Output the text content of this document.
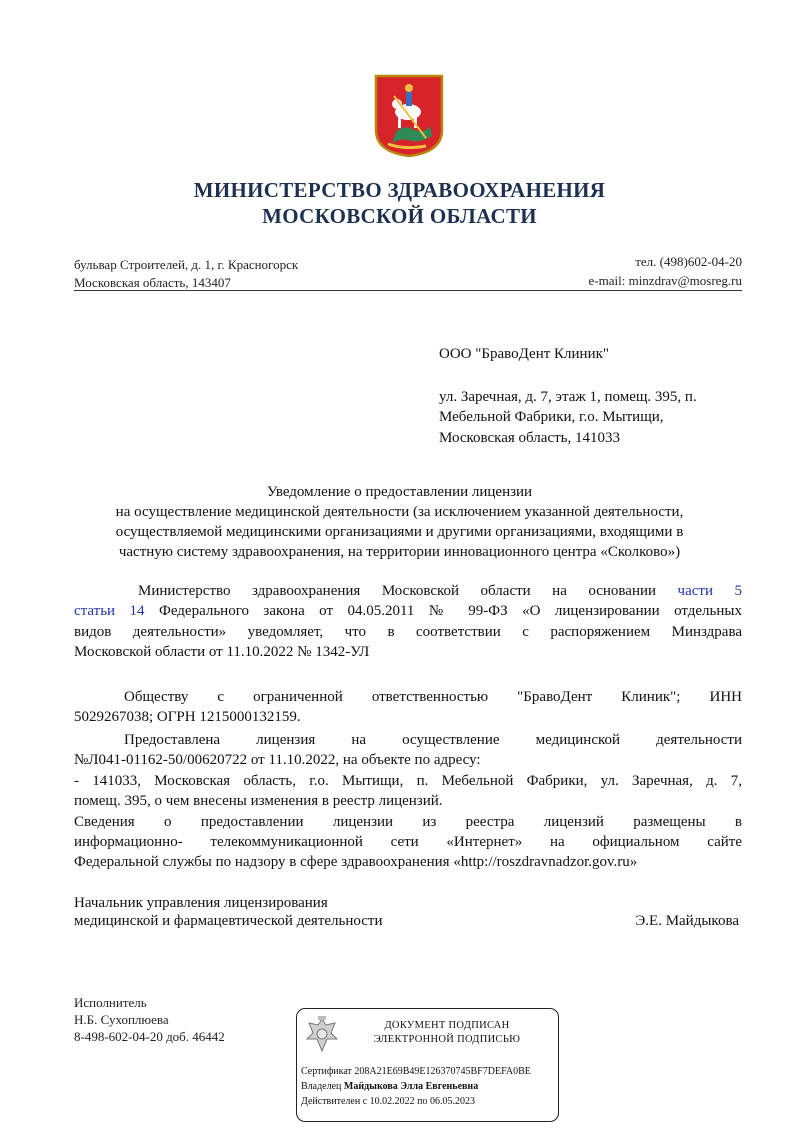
МИНИСТЕРСТВО ЗДРАВООХРАНЕНИЯ
МОСКОВСКОЙ ОБЛАСТИ
бульвар Строителей, д. 1, г. Красногорск
Московская область, 143407
тел. (498)602-04-20
e-mail: minzdrav@mosreg.ru
ООО "БравоДент Клиник"
ул. Заречная, д. 7, этаж 1, помещ. 395, п.
Мебельной Фабрики, г.о. Мытищи,
Московская область, 141033
Уведомление о предоставлении лицензии
на осуществление медицинской деятельности (за исключением указанной деятельности,
осуществляемой медицинскими организациями и другими организациями, входящими в
частную систему здравоохранения, на территории инновационного центра «Сколково»)
Министерство здравоохранения Московской области на основании части 5
статьи 14 Федерального закона от 04.05.2011 № 99-ФЗ «О лицензировании отдельных
видов деятельности» уведомляет, что в соответствии с распоряжением Минздрава
Московской области от 11.10.2022 № 1342-УЛ
Обществу с ограниченной ответственностью "БравоДент Клиник"; ИНН
5029267038; ОГРН 1215000132159.
Предоставлена лицензия на осуществление медицинской деятельности
№Л041-01162-50/00620722 от 11.10.2022, на объекте по адресу:
- 141033, Московская область, г.о. Мытищи, п. Мебельной Фабрики, ул. Заречная, д. 7,
помещ. 395, о чем внесены изменения в реестр лицензий.
Сведения о предоставлении лицензии из реестра лицензий размещены в
информационно- телекоммуникационной сети «Интернет» на официальном сайте
Федеральной службы по надзору в сфере здравоохранения «http://roszdravnadzor.gov.ru»
Начальник управления лицензирования
медицинской и фармацевтической деятельности	Э.Е. Майдыкова
Исполнитель
Н.Б. Сухоплюева
8-498-602-04-20 доб. 46442
ДОКУМЕНТ ПОДПИСАН
ЭЛЕКТРОННОЙ ПОДПИСЬЮ
Сертификат 208A21E69B49E126370745BF7DEFA0BE
Владелец Майдыкова Элла Евгеньевна
Действителен с 10.02.2022 по 06.05.2023
